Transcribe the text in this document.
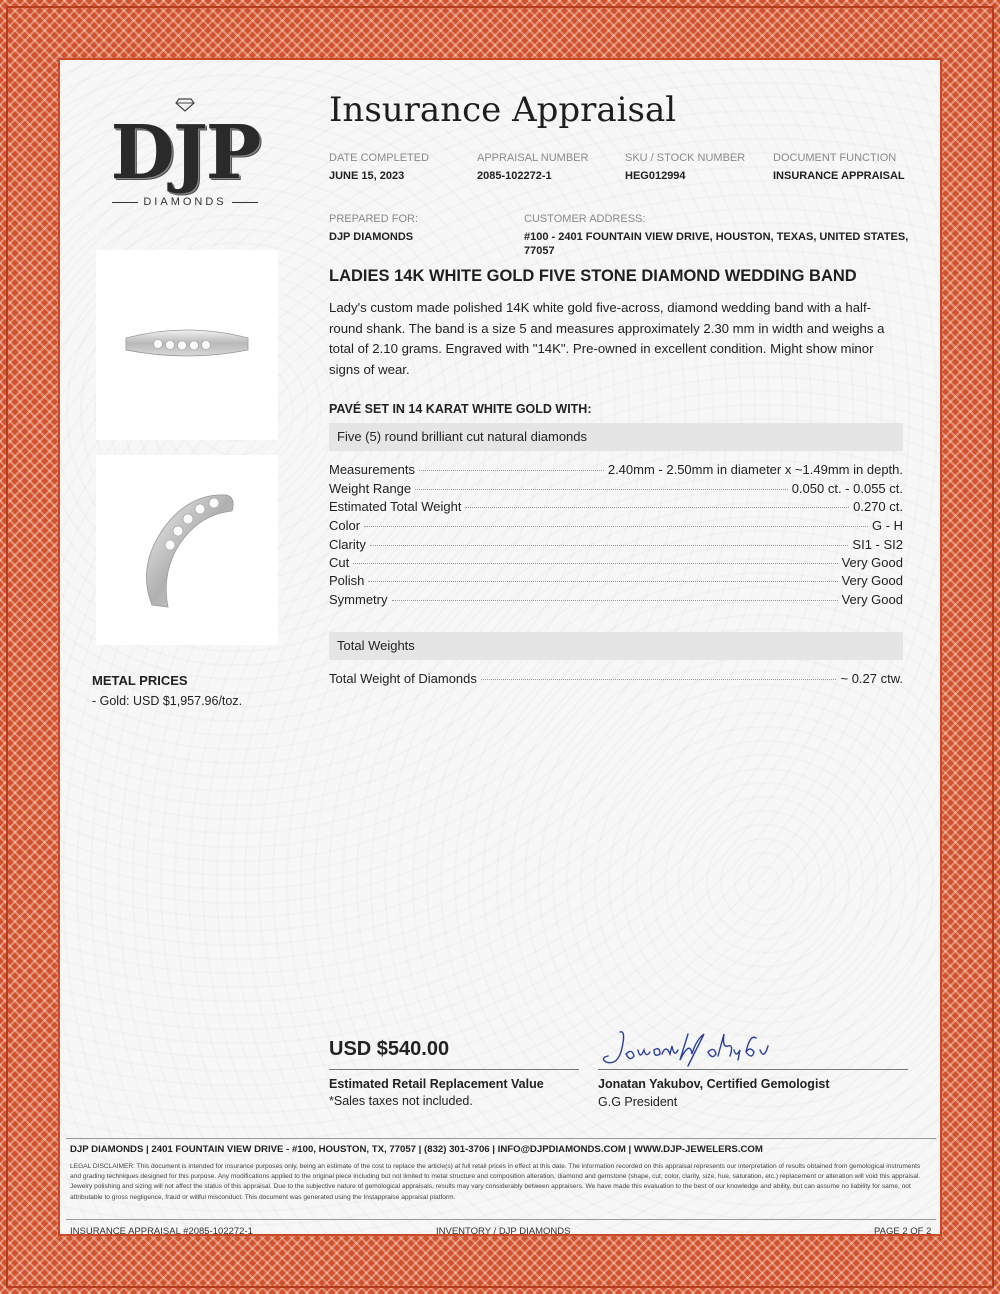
DJP
DIAMONDS
METAL PRICES
- Gold: USD $1,957.96/toz.
Insurance Appraisal
DATE COMPLETED
JUNE 15, 2023
APPRAISAL NUMBER
2085-102272-1
SKU / STOCK NUMBER
HEG012994
DOCUMENT FUNCTION
INSURANCE APPRAISAL
PREPARED FOR:
DJP DIAMONDS
CUSTOMER ADDRESS:
#100 - 2401 FOUNTAIN VIEW DRIVE, HOUSTON, TEXAS, UNITED STATES,
77057
LADIES 14K WHITE GOLD FIVE STONE DIAMOND WEDDING BAND
Lady's custom made polished 14K white gold five-across, diamond wedding band with a half-round shank. The band is a size 5 and measures approximately 2.30 mm in width and weighs a total of 2.10 grams. Engraved with "14K". Pre-owned in excellent condition. Might show minor signs of wear.
PAVÉ SET IN 14 KARAT WHITE GOLD WITH:
Five (5) round brilliant cut natural diamonds
Measurements	2.40mm - 2.50mm in diameter x ~1.49mm in depth.
Weight Range	0.050 ct. - 0.055 ct.
Estimated Total Weight	0.270 ct.
Color	G - H
Clarity	SI1 - SI2
Cut	Very Good
Polish	Very Good
Symmetry	Very Good
Total Weights
Total Weight of Diamonds	~ 0.27 ctw.
USD $540.00
Estimated Retail Replacement Value
*Sales taxes not included.
Jonatan Yakubov, Certified Gemologist
G.G President
DJP DIAMONDS | 2401 FOUNTAIN VIEW DRIVE - #100, HOUSTON, TX, 77057 | (832) 301-3706 | INFO@DJPDIAMONDS.COM | WWW.DJP-JEWELERS.COM
LEGAL DISCLAIMER: This document is intended for insurance purposes only, being an estimate of the cost to replace the article(s) at full retail prices in effect at this date. The information recorded on this appraisal represents our interpretation of results obtained from gemological instruments and grading techniques designed for this purpose. Any modifications applied to the original piece including but not limited to metal structure and composition alteration, diamond and gemstone (shape, cut, color, clarity, size, hue, saturation, etc.) replacement or alteration will void this appraisal. Jewelry polishing and sizing will not affect the status of this appraisal. Due to the subjective nature of gemological appraisals, results may vary considerably between appraisers. We have made this evaluation to the best of our knowledge and ability, but can assume no liability for same, not attributable to gross negligence, fraud or willful misconduct. This document was generated using the Instappraise appraisal platform.
INSURANCE APPRAISAL #2085-102272-1	INVENTORY / DJP DIAMONDS	PAGE 2 OF 2
